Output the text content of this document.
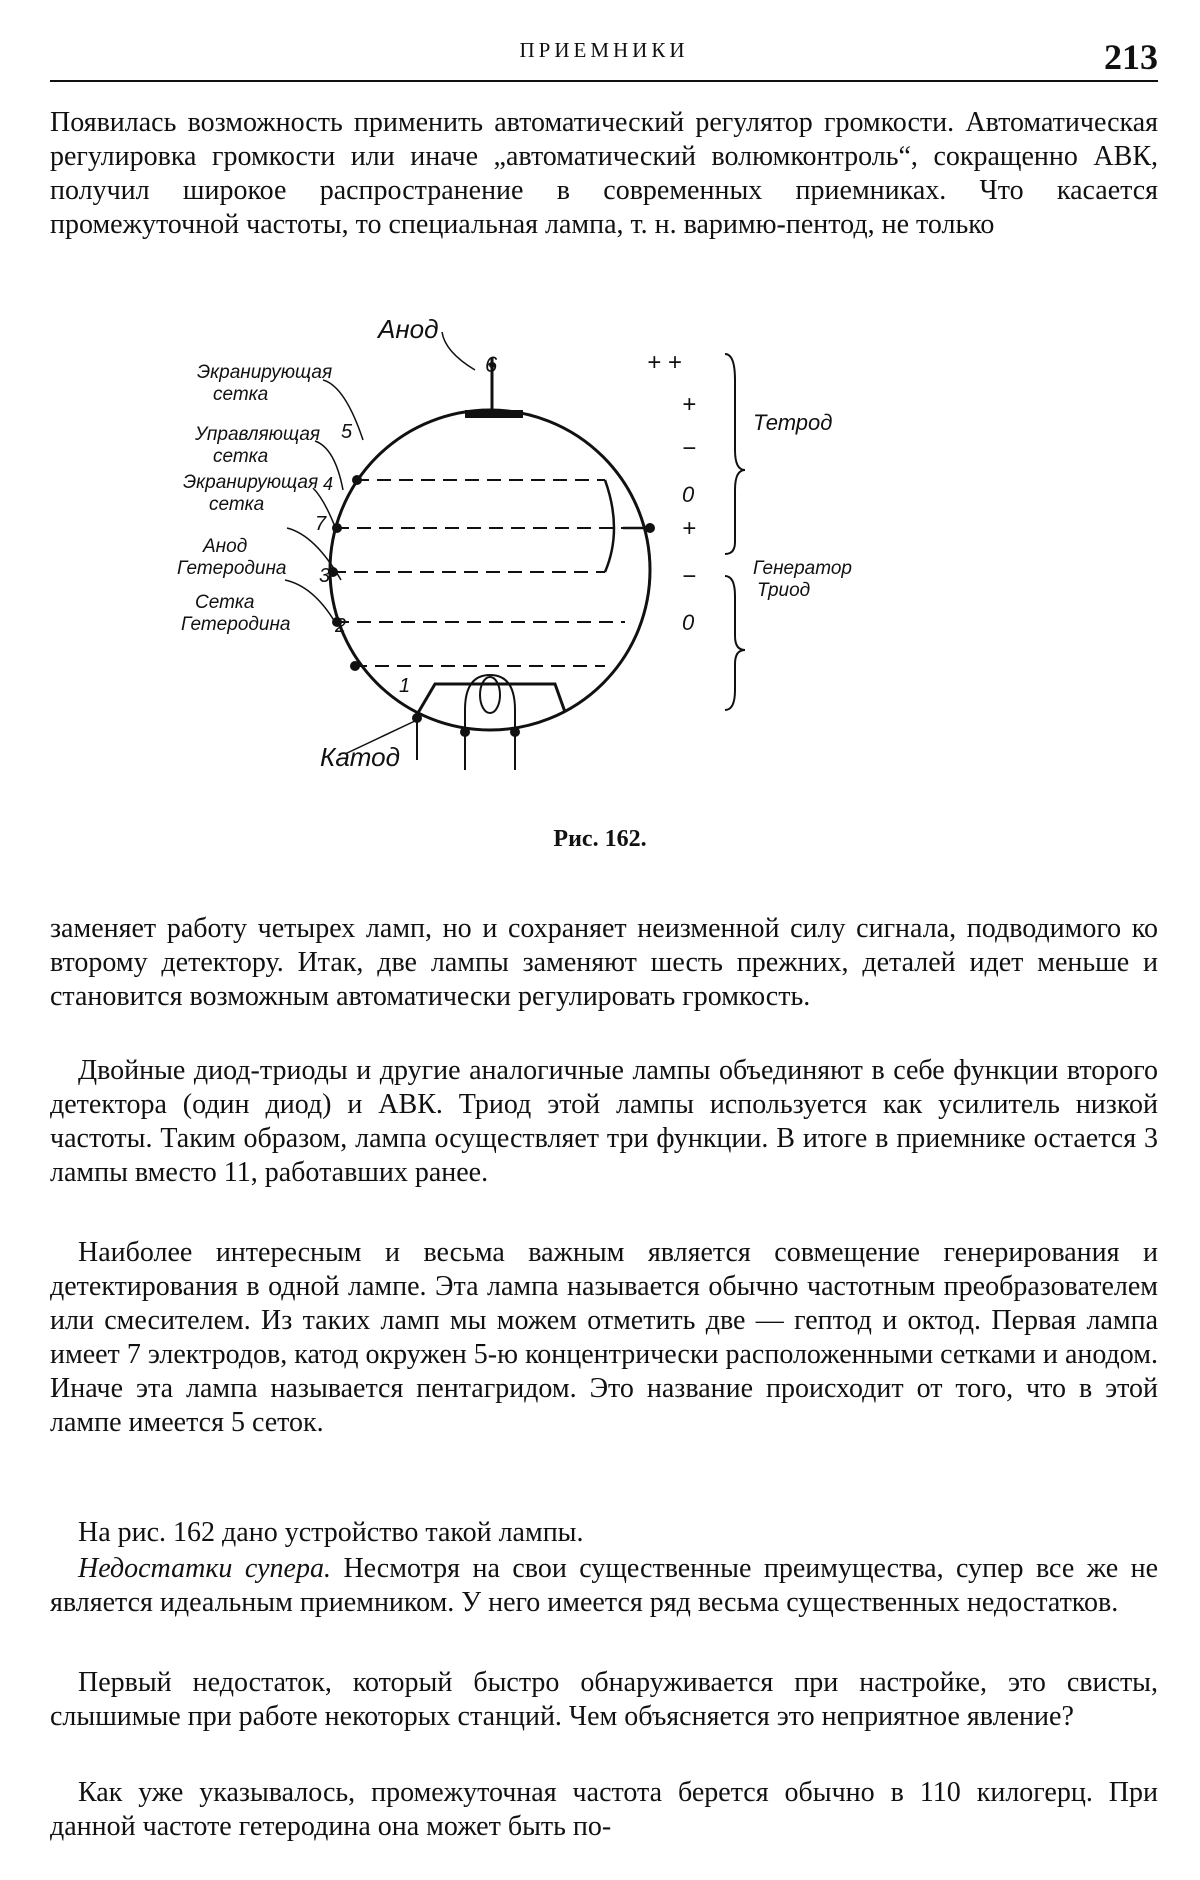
ПРИЕМНИКИ	213

Появилась возможность применить автоматический регулятор громкости. Автоматическая регулировка громкости или иначе „автоматический волюмконтроль“, сокращенно АВК, получил широкое распространение в современных приемниках. Что касается промежуточной частоты, то специальная лампа, т. н. варимю-пентод, не только

Анод
6
Экранирующая
сетка
Управляющая
сетка
Экранирующая
сетка
Анод
Гетеродина
Сетка
Гетеродина
5
4
7
3
2
1
Катод
+ +
+
−
0
Тетрод
+
−
0
Генератор
Триод
Рис. 162.

заменяет работу четырех ламп, но и сохраняет неизменной силу сигнала, подводимого ко второму детектору. Итак, две лампы заменяют шесть прежних, деталей идет меньше и становится возможным автоматически регулировать громкость.

Двойные диод-триоды и другие аналогичные лампы объединяют в себе функции второго детектора (один диод) и АВК. Триод этой лампы используется как усилитель низкой частоты. Таким образом, лампа осуществляет три функции. В итоге в приемнике остается 3 лампы вместо 11, работавших ранее.

Наиболее интересным и весьма важным является совмещение генерирования и детектирования в одной лампе. Эта лампа называется обычно частотным преобразователем или смесителем. Из таких ламп мы можем отметить две — гептод и октод. Первая лампа имеет 7 электродов, катод окружен 5-ю концентрически расположенными сетками и анодом. Иначе эта лампа называется пентагридом. Это название происходит от того, что в этой лампе имеется 5 сеток.

На рис. 162 дано устройство такой лампы.

Недостатки супера. Несмотря на свои существенные преимущества, супер все же не является идеальным приемником. У него имеется ряд весьма существенных недостатков.

Первый недостаток, который быстро обнаруживается при настройке, это свисты, слышимые при работе некоторых станций. Чем объясняется это неприятное явление?

Как уже указывалось, промежуточная частота берется обычно в 110 килогерц. При данной частоте гетеродина она может быть по-
